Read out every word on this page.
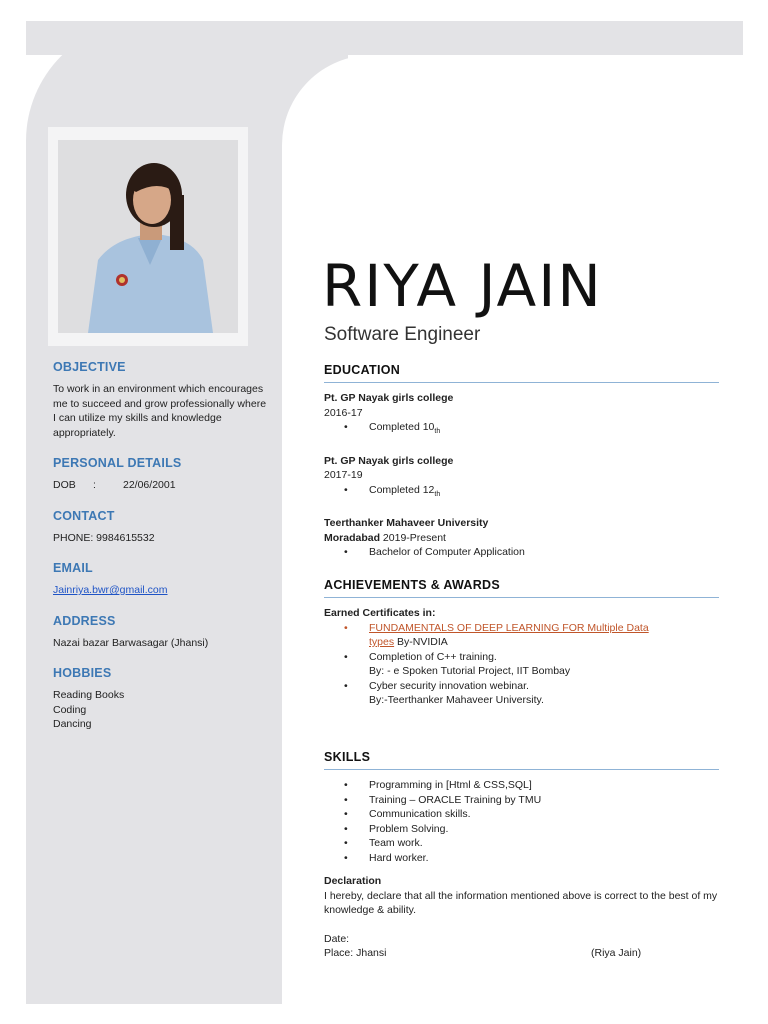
OBJECTIVE
To work in an environment which encourages me to succeed and grow professionally where I can utilize my skills and knowledge appropriately.
PERSONAL DETAILS
DOB :	22/06/2001
CONTACT
PHONE: 9984615532
EMAIL
Jainriya.bwr@gmail.com
ADDRESS
Nazai bazar Barwasagar (Jhansi)
HOBBIES
Reading Books
Coding
Dancing
RIYA JAIN
Software Engineer
EDUCATION
Pt. GP Nayak girls college
2016-17
• Completed $10_{th}$
Pt. GP Nayak girls college
2017-19
• Completed $12_{th}$
Teerthanker Mahaveer University
Moradabad 2019-Present
• Bachelor of Computer Application
ACHIEVEMENTS & AWARDS
Earned Certificates in:
• FUNDAMENTALS OF DEEP LEARNING FOR Multiple Data
types By-NVIDIA
• Completion of C++ training.
By: - e Spoken Tutorial Project, IIT Bombay
• Cyber security innovation webinar.
By:-Teerthanker Mahaveer University.
SKILLS
• Programming in [Html & CSS,SQL]
• Training – ORACLE Training by TMU
• Communication skills.
• Problem Solving.
• Team work.
• Hard worker.
Declaration
I hereby, declare that all the information mentioned above is correct to the best of my knowledge & ability.
Date:
Place: Jhansi	(Riya Jain)
